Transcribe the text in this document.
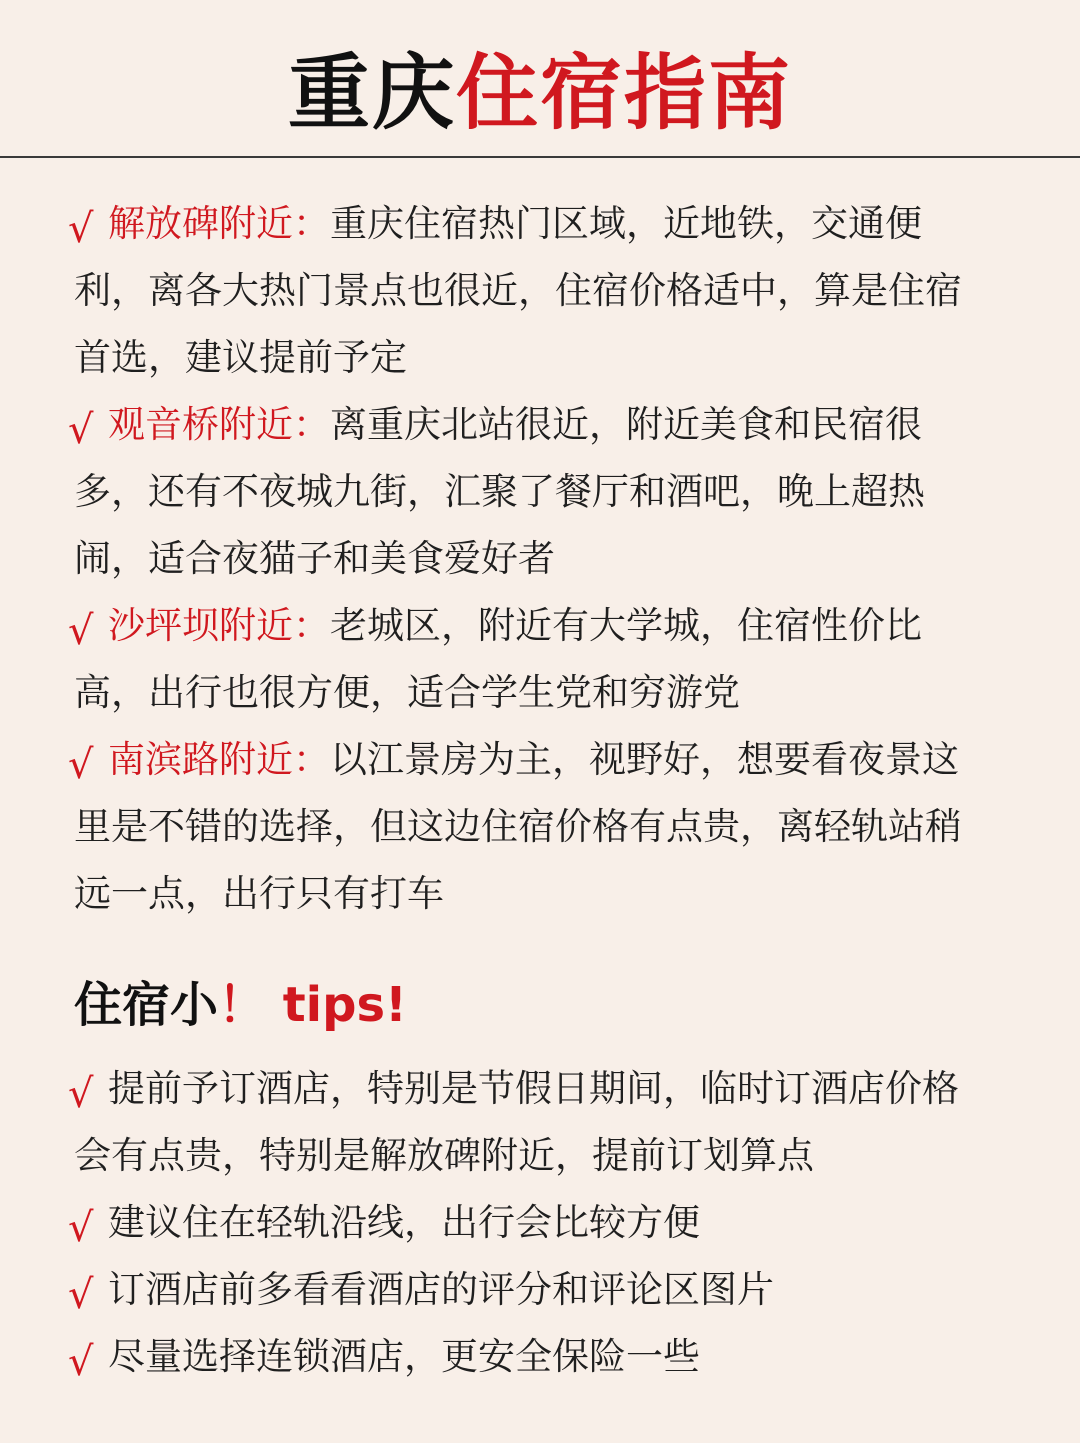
重庆住宿指南

√ 解放碑附近：重庆住宿热门区域，近地铁，交通便利，离各大热门景点也很近，住宿价格适中，算是住宿首选，建议提前予定

√ 观音桥附近：离重庆北站很近，附近美食和民宿很多，还有不夜城九街，汇聚了餐厅和酒吧，晚上超热闹，适合夜猫子和美食爱好者

√ 沙坪坝附近：老城区，附近有大学城，住宿性价比高，出行也很方便，适合学生党和穷游党

√ 南滨路附近：以江景房为主，视野好，想要看夜景这里是不错的选择，但这边住宿价格有点贵，离轻轨站稍远一点，出行只有打车

住宿小！ tips!

√ 提前予订酒店，特别是节假日期间，临时订酒店价格会有点贵，特别是解放碑附近，提前订划算点

√ 建议住在轻轨沿线，出行会比较方便

√ 订酒店前多看看酒店的评分和评论区图片

√ 尽量选择连锁酒店，更安全保险一些
